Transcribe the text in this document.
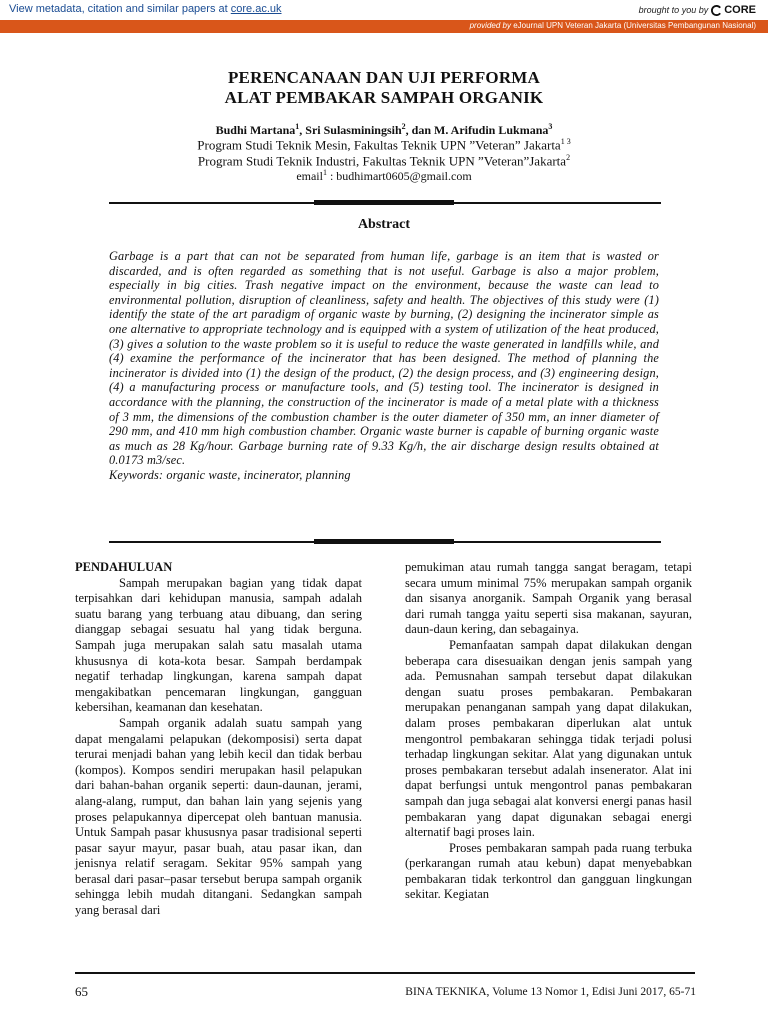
View metadata, citation and similar papers at core.ac.uk	brought to you by CORE
provided by eJournal UPN Veteran Jakarta (Universitas Pembangunan Nasional)
PERENCANAAN DAN UJI PERFORMA
ALAT PEMBAKAR SAMPAH ORGANIK
Budhi Martana$^1$, Sri Sulasminingsih$^2$, dan M. Arifudin Lukmana$^3$
Program Studi Teknik Mesin, Fakultas Teknik UPN ”Veteran” Jakarta$^{1 3}$
Program Studi Teknik Industri, Fakultas Teknik UPN ”Veteran”Jakarta$^2$
email$^1$ : budhimart0605@gmail.com
Abstract
Garbage is a part that can not be separated from human life, garbage is an item that is wasted or discarded, and is often regarded as something that is not useful. Garbage is also a major problem, especially in big cities. Trash negative impact on the environment, because the waste can lead to environmental pollution, disruption of cleanliness, safety and health. The objectives of this study were (1) identify the state of the art paradigm of organic waste by burning, (2) designing the incinerator simple as one alternative to appropriate technology and is equipped with a system of utilization of the heat produced, (3) gives a solution to the waste problem so it is useful to reduce the waste generated in landfills while, and (4) examine the performance of the incinerator that has been designed. The method of planning the incinerator is divided into (1) the design of the product, (2) the design process, and (3) engineering design, (4) a manufacturing process or manufacture tools, and (5) testing tool. The incinerator is designed in accordance with the planning, the construction of the incinerator is made of a metal plate with a thickness of 3 mm, the dimensions of the combustion chamber is the outer diameter of 350 mm, an inner diameter of 290 mm, and 410 mm high combustion chamber. Organic waste burner is capable of burning organic waste as much as 28 Kg/hour. Garbage burning rate of 9.33 Kg/h, the air discharge design results obtained at 0.0173 m3/sec.
Keywords: organic waste, incinerator, planning
PENDAHULUAN

Sampah merupakan bagian yang tidak dapat terpisahkan dari kehidupan manusia, sampah adalah suatu barang yang terbuang atau dibuang, dan sering dianggap sebagai sesuatu hal yang tidak berguna. Sampah juga merupakan salah satu masalah utama khususnya di kota-kota besar. Sampah berdampak negatif terhadap lingkungan, karena sampah dapat mengakibatkan pencemaran lingkungan, gangguan kebersihan, keamanan dan kesehatan.

Sampah organik adalah suatu sampah yang dapat mengalami pelapukan (dekomposisi) serta dapat terurai menjadi bahan yang lebih kecil dan tidak berbau (kompos). Kompos sendiri merupakan hasil pelapukan dari bahan-bahan organik seperti: daun-daunan, jerami, alang-alang, rumput, dan bahan lain yang sejenis yang proses pelapukannya dipercepat oleh bantuan manusia. Untuk Sampah pasar khususnya pasar tradisional seperti pasar sayur mayur, pasar buah, atau pasar ikan, dan jenisnya relatif seragam. Sekitar 95% sampah yang berasal dari pasar–pasar tersebut berupa sampah organik sehingga lebih mudah ditangani. Sedangkan sampah yang berasal dari

pemukiman atau rumah tangga sangat beragam, tetapi secara umum minimal 75% merupakan sampah organik dan sisanya anorganik. Sampah Organik yang berasal dari rumah tangga yaitu seperti sisa makanan, sayuran, daun-daun kering, dan sebagainya.

Pemanfaatan sampah dapat dilakukan dengan beberapa cara disesuaikan dengan jenis sampah yang ada. Pemusnahan sampah tersebut dapat dilakukan dengan suatu proses pembakaran. Pembakaran merupakan penanganan sampah yang dapat dilakukan, dalam proses pembakaran diperlukan alat untuk mengontrol pembakaran sehingga tidak terjadi polusi terhadap lingkungan sekitar. Alat yang digunakan untuk proses pembakaran tersebut adalah insenerator. Alat ini dapat berfungsi untuk mengontrol panas pembakaran sampah dan juga sebagai alat konversi energi panas hasil pembakaran yang dapat digunakan sebagai energi alternatif bagi proses lain.

Proses pembakaran sampah pada ruang terbuka (perkarangan rumah atau kebun) dapat menyebabkan pembakaran tidak terkontrol dan gangguan lingkungan sekitar. Kegiatan

65	BINA TEKNIKA, Volume 13 Nomor 1, Edisi Juni 2017, 65-71
